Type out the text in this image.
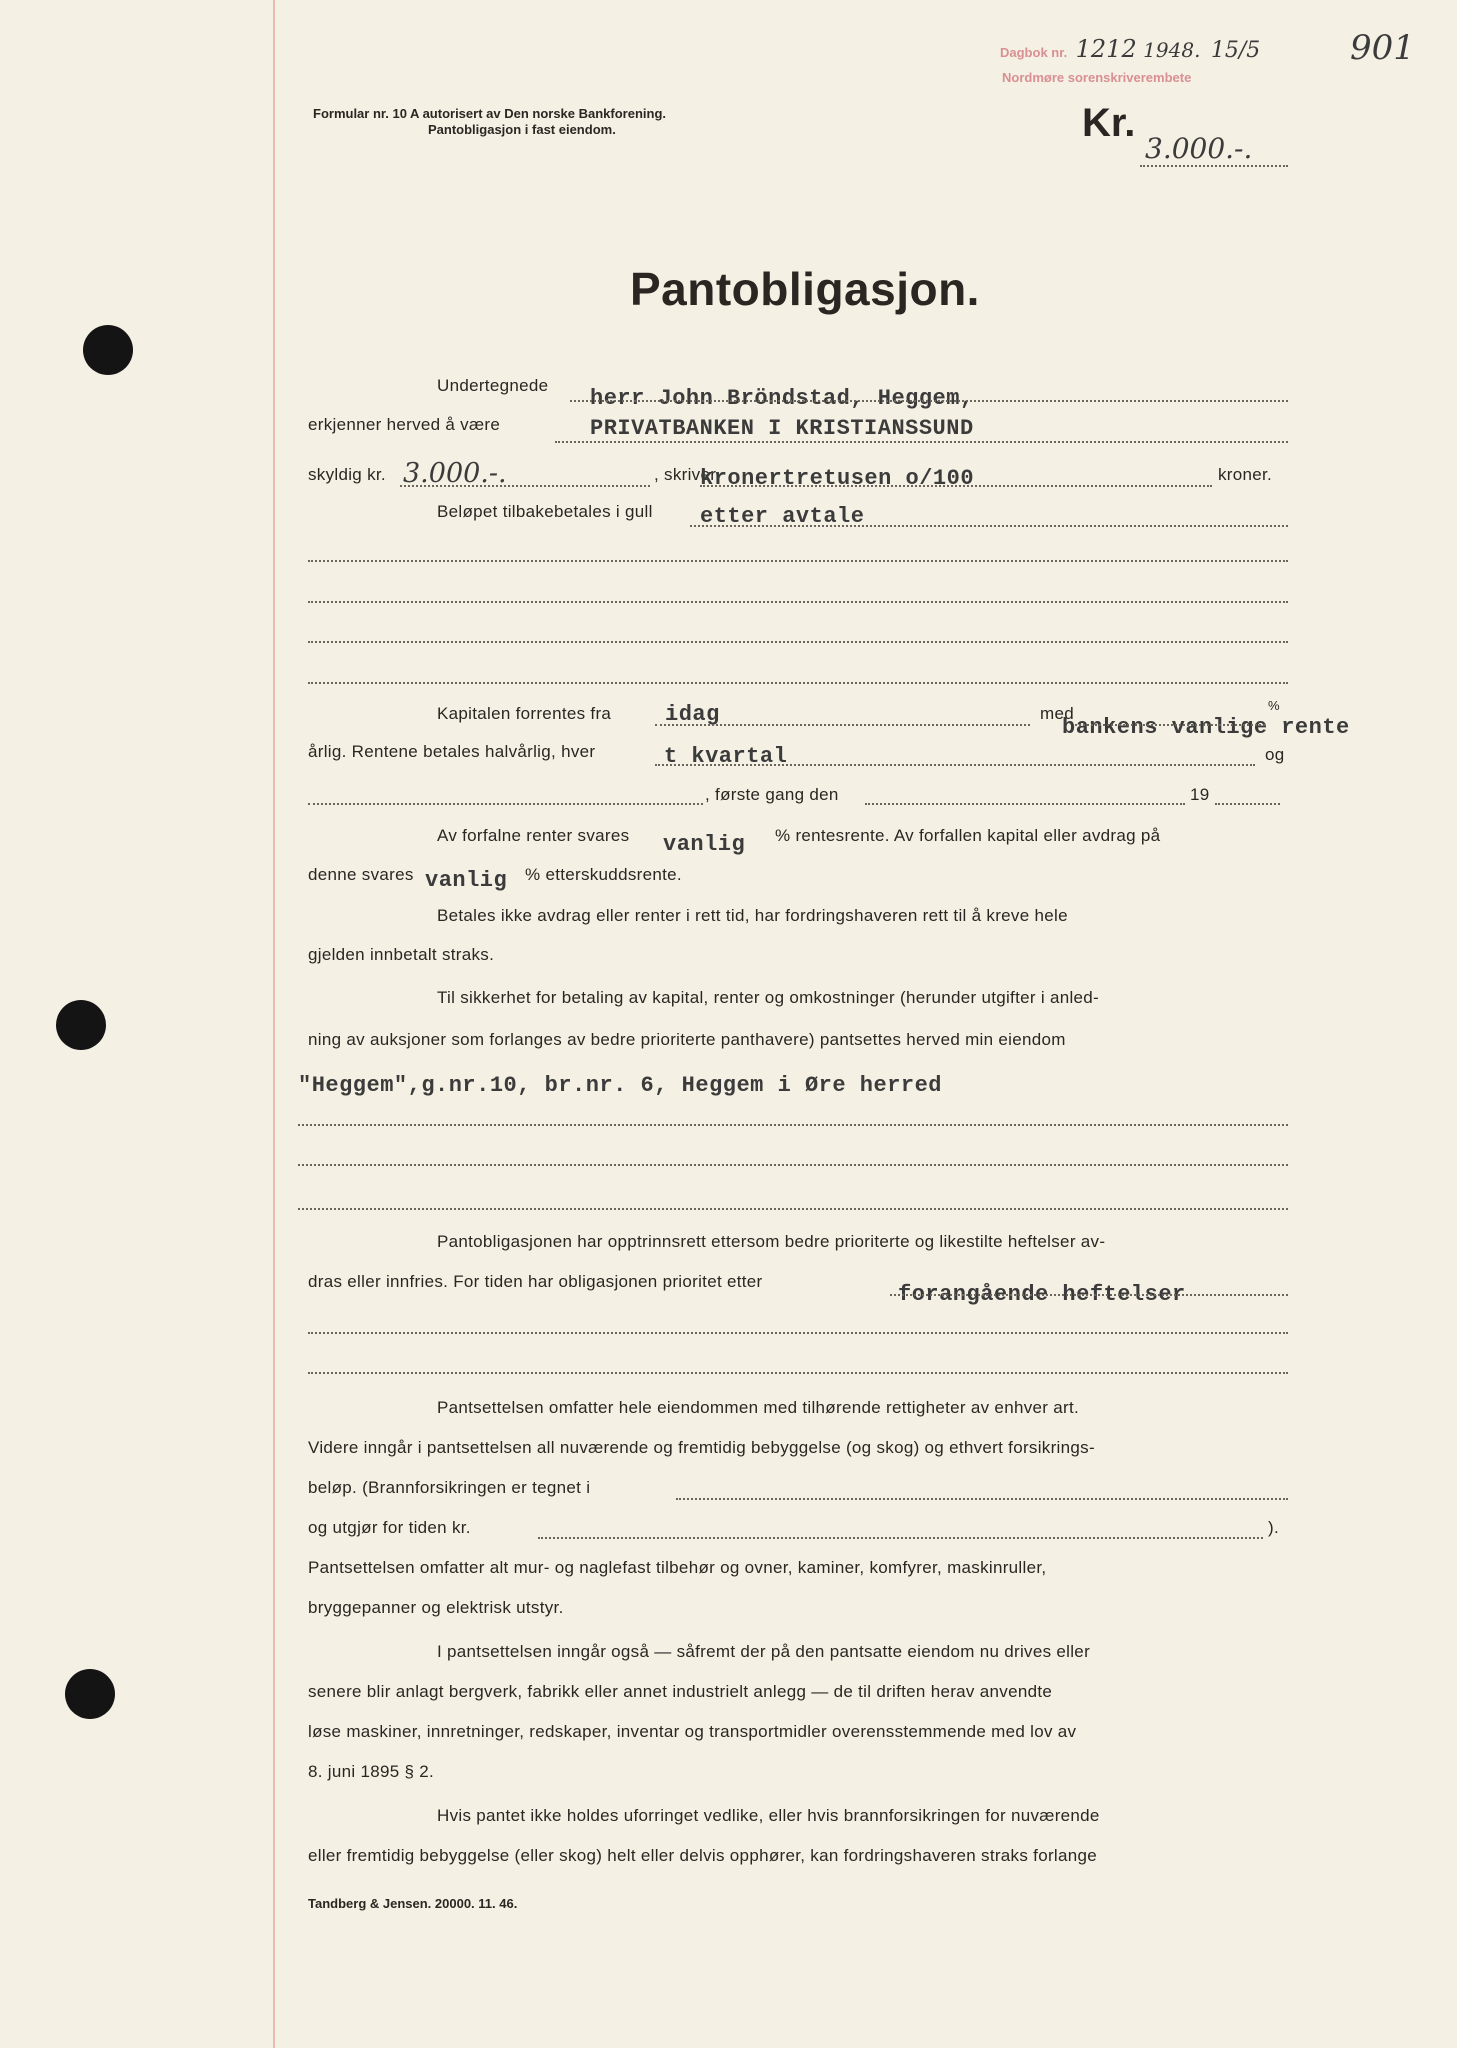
Dagbok nr. 1212 1948. 15/5	901
Nordmøre sorenskriverembete
Formular nr. 10 A autorisert av Den norske Bankforening.
Pantobligasjon i fast eiendom.	Kr.
3.000.-.
Pantobligasjon.
Undertegnede
herr John Bröndstad, Heggem,
erkjenner herved å være	PRIVATBANKEN I KRISTIANSSUND
skyldig kr. 3.000.-.	, skriver
kronertretusen o/100	kroner.
Beløpet tilbakebetales i gull etter avtale
Kapitalen forrentes fra idag	med
bankens vanlige rente
%
årlig. Rentene betales halvårlig, hver	t kvartal	og
, første gang den	19
Av forfalne renter svares vanlig % rentesrente. Av forfallen kapital eller avdrag på
denne svares vanlig % etterskuddsrente.
Betales ikke avdrag eller renter i rett tid, har fordringshaveren rett til å kreve hele
gjelden innbetalt straks.
Til sikkerhet for betaling av kapital, renter og omkostninger (herunder utgifter i anled-
ning av auksjoner som forlanges av bedre prioriterte panthavere) pantsettes herved min eiendom
"Heggem",g.nr.10, br.nr. 6, Heggem i Øre herred
Pantobligasjonen har opptrinnsrett ettersom bedre prioriterte og likestilte heftelser av-
dras eller innfries. For tiden har obligasjonen prioritet etter
forangående heftelser
Pantsettelsen omfatter hele eiendommen med tilhørende rettigheter av enhver art.
Videre inngår i pantsettelsen all nuværende og fremtidig bebyggelse (og skog) og ethvert forsikrings-
beløp. (Brannforsikringen er tegnet i
og utgjør for tiden kr.	).
Pantsettelsen omfatter alt mur- og naglefast tilbehør og ovner, kaminer, komfyrer, maskinruller,
bryggepanner og elektrisk utstyr.
I pantsettelsen inngår også — såfremt der på den pantsatte eiendom nu drives eller
senere blir anlagt bergverk, fabrikk eller annet industrielt anlegg — de til driften herav anvendte
løse maskiner, innretninger, redskaper, inventar og transportmidler overensstemmende med lov av
8. juni 1895 § 2.
Hvis pantet ikke holdes uforringet vedlike, eller hvis brannforsikringen for nuværende
eller fremtidig bebyggelse (eller skog) helt eller delvis opphører, kan fordringshaveren straks forlange
Tandberg & Jensen. 20000. 11. 46.
